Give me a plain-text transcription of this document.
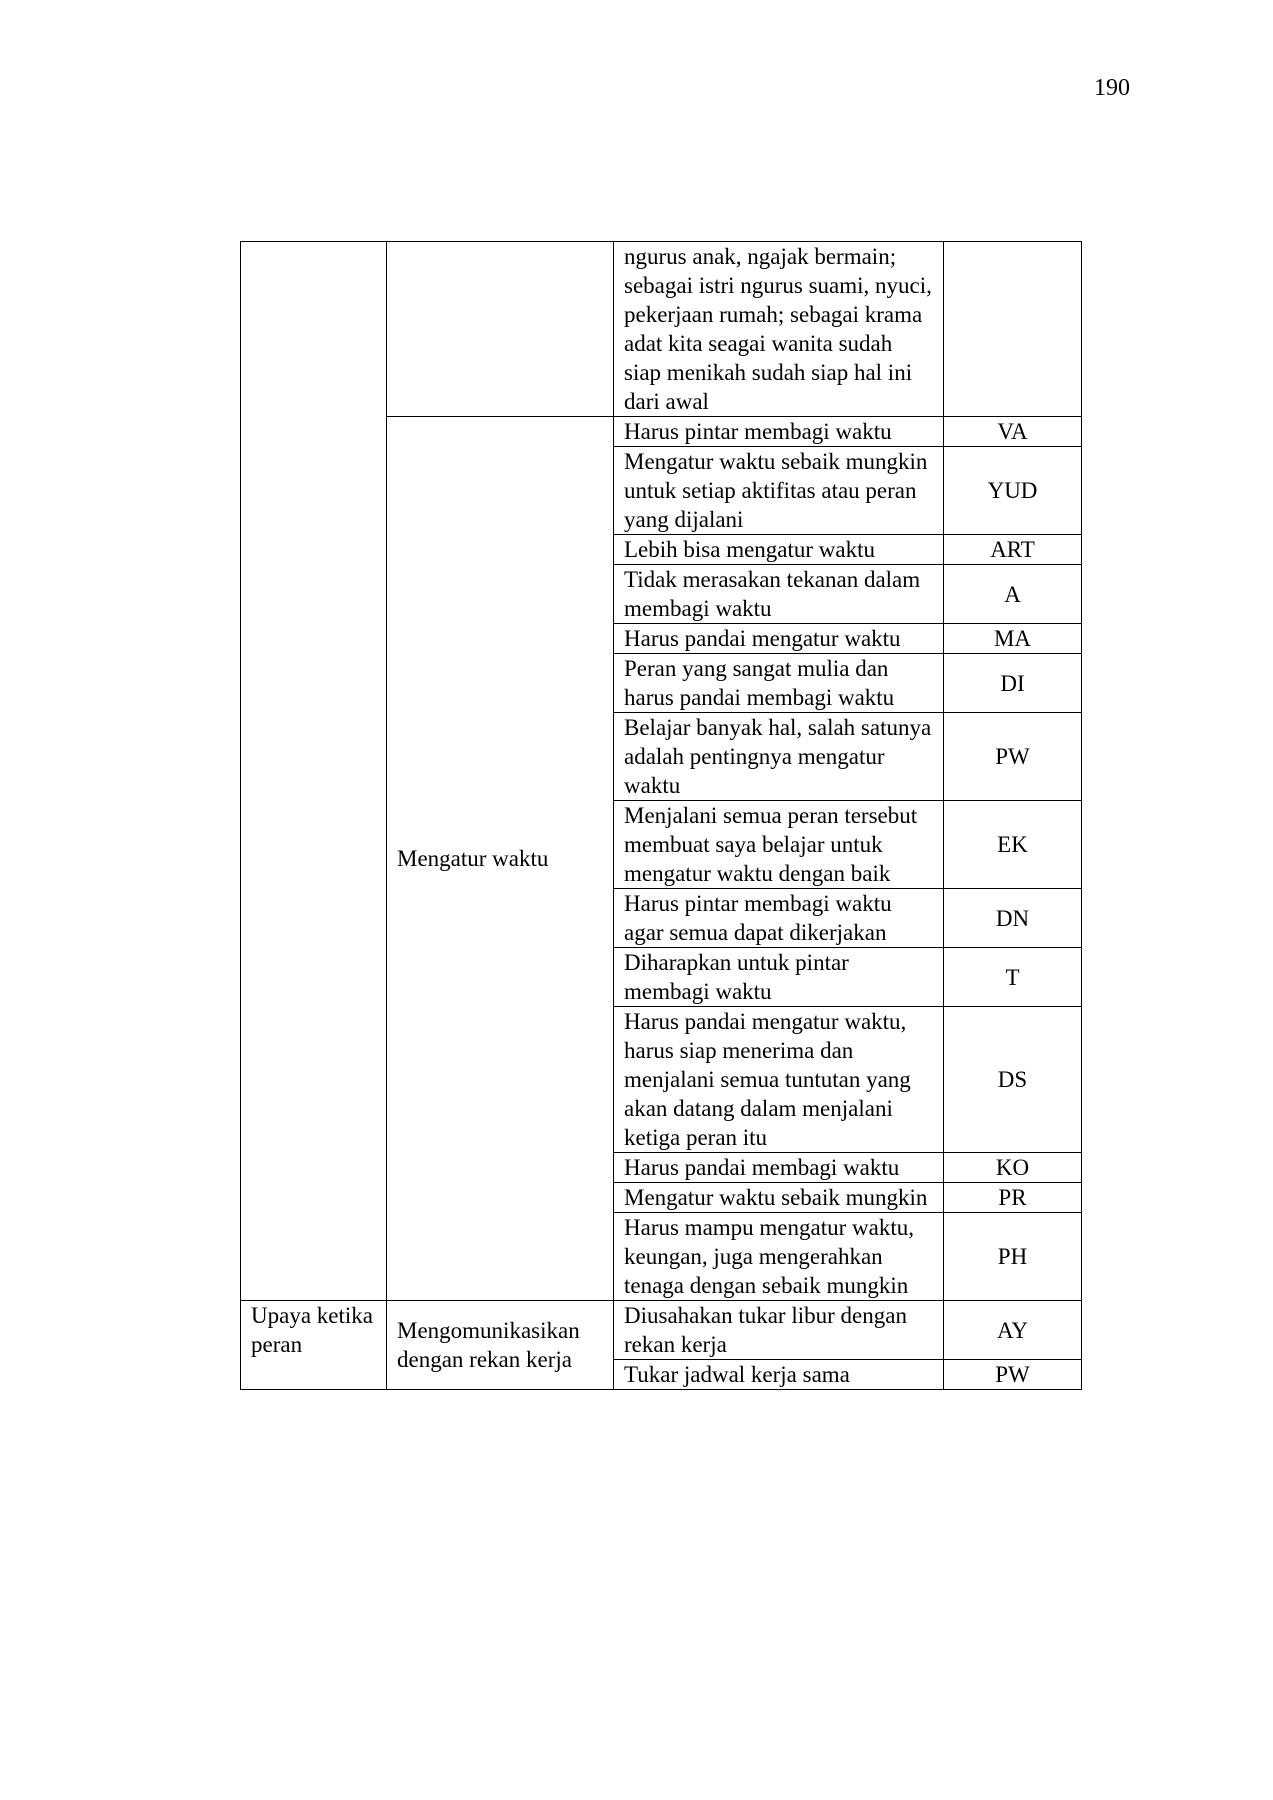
190
		ngurus anak, ngajak bermain; sebagai istri ngurus suami, nyuci, pekerjaan rumah; sebagai krama adat kita seagai wanita sudah siap menikah sudah siap hal ini dari awal	
	Mengatur waktu	Harus pintar membagi waktu	VA
		Mengatur waktu sebaik mungkin untuk setiap aktifitas atau peran yang dijalani	YUD
		Lebih bisa mengatur waktu	ART
		Tidak merasakan tekanan dalam membagi waktu	A
		Harus pandai mengatur waktu	MA
		Peran yang sangat mulia dan harus pandai membagi waktu	DI
		Belajar banyak hal, salah satunya adalah pentingnya mengatur waktu	PW
		Menjalani semua peran tersebut membuat saya belajar untuk mengatur waktu dengan baik	EK
		Harus pintar membagi waktu agar semua dapat dikerjakan	DN
		Diharapkan untuk pintar membagi waktu	T
		Harus pandai mengatur waktu, harus siap menerima dan menjalani semua tuntutan yang akan datang dalam menjalani ketiga peran itu	DS
		Harus pandai membagi waktu	KO
		Mengatur waktu sebaik mungkin	PR
		Harus mampu mengatur waktu, keungan, juga mengerahkan tenaga dengan sebaik mungkin	PH
Upaya ketika peran	Mengomunikasikan dengan rekan kerja	Diusahakan tukar libur dengan rekan kerja	AY
		Tukar jadwal kerja sama	PW
